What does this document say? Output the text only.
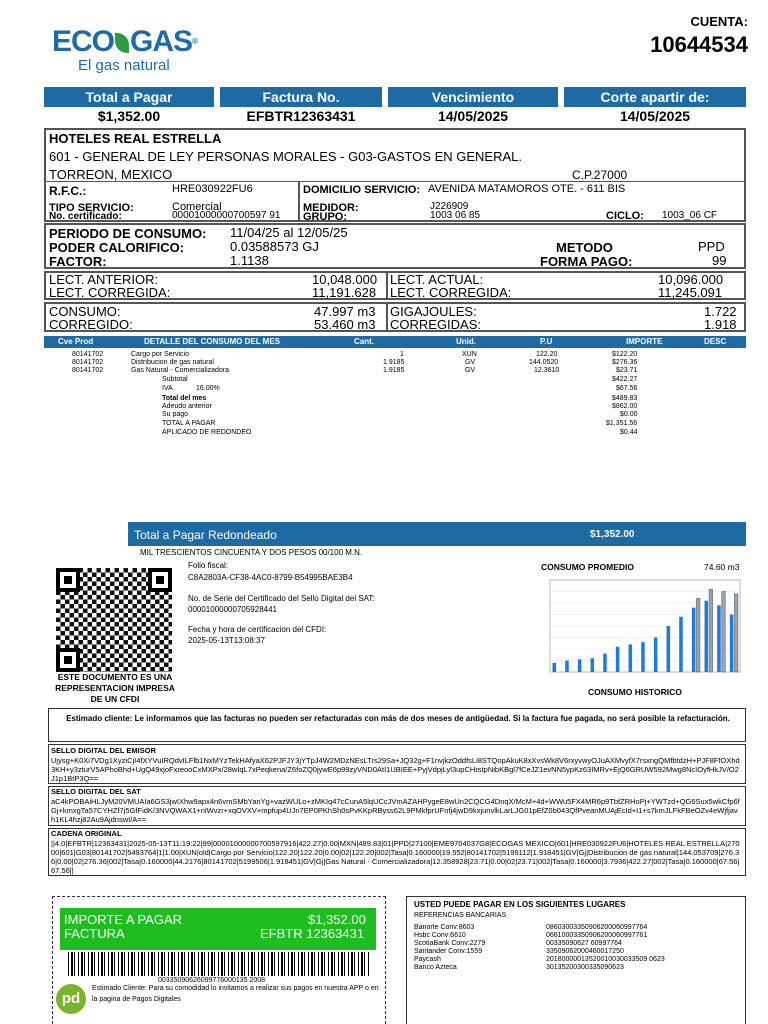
ECO GAS®
El gas natural
CUENTA:
10644534
Total a Pagar	Factura No.	Vencimiento	Corte apartir de:
$1,352.00	EFBTR12363431	14/05/2025	14/05/2025
HOTELES REAL ESTRELLA
601 - GENERAL DE LEY PERSONAS MORALES - G03-GASTOS EN GENERAL.
TORREON, MEXICO	C.P.27000
R.F.C.:	HRE030922FU6	DOMICILIO SERVICIO: AVENIDA MATAMOROS OTE. - 611 BIS
TIPO SERVICIO:	Comercial
No. certificado:	00001000000700597 91
MEDIDOR:	J226909
GRUPO:	1003 06 85	CICLO: 1003_06 CF
PERIODO DE CONSUMO: 11/04/25 al 12/05/25
PODER CALORIFICO:	0.03588573 GJ
FACTOR:	1.1138
METODO	PPD
FORMA PAGO:	99
LECT. ANTERIOR:	10,048.000
LECT. CORREGIDA:	11,191.628
LECT. ACTUAL:	10,096.000
LECT. CORREGIDA:	11,245.091
CONSUMO:	47.997 m3
CORREGIDO:	53.460 m3
GIGAJOULES:	1.722
CORREGIDAS:	1.918
Cve Prod	DETALLE DEL CONSUMO DEL MES	Cant.	Unid.	P.U	IMPORTE	DESC
80141702	Cargo por Servicio	1	XUN	122.20	$122.20
80141702	Distribucion de gas natural	1.9185	GV	144.0520	$276.36
80141702	Gas Natural - Comercializadora	1.9185	GV	12.3610	$23.71
Subtotal	$422.27
IVA	16.00%	$67.56
Total del mes	$489.83
Adeudo anterior	$862.00
Su pago	$0.00
TOTAL A PAGAR	$1,351.56
APLICADO DE REDONDEO	$0.44
Total a Pagar Redondeado	$1,352.00
MIL TRESCIENTOS CINCUENTA Y DOS PESOS 00/100 M.N.
ESTE DOCUMENTO ES UNA REPRESENTACION IMPRESA DE UN CFDI
Folio fiscal:
C8A2803A-CF38-4AC0-8799-B54995BAE3B4
No. de Serie del Certificado del Sello Digital del SAT:
00001000000705928441
Fecha y hora de certificacion del CFDI:
2025-05-13T13:08:37
CONSUMO PROMEDIO	74.60 m3
CONSUMO HISTORICO
Estimado cliente: Le informamos que las facturas no pueden ser refacturadas con más de dos meses de antigüedad. Si la factura fue pagada, no será posible la refacturación.
SELLO DIGITAL DEL EMISOR
Ujysg+K0Xi7VDg1XyziCjI4fXYVuIRQdvILFlb1NxMYzTekHAfyaX62PJFJY3jYTpJ4W2MDzNEsLTrs29Sa+JQ32g+F1nvjkzOddfsLi8STQopAkuK8xXvsWk8V6rxyvwyOJuAXMvyfX7rsxngQMfbtdzH+PJF8FfOXhd3KH+y3zturV5APhoBhd+UgQ49xjoFxreooCxMXPx/28wIqL7xPeqkena/Z6foZQ0jywE6p99zyVND0AtI1UBIEE+PyjVdpjLyl3upCHrstpNibKBgl7fCeJZ1evNN5ypKz63IMRv+EjQ6GRUW592Mwg8NcIOyfHkJV/O2J1p1BtP3Q==
SELLO DIGITAL DEL SAT
aC4kPOBAiHLJyM20VMUAIa6GS3jwIXhw9apx4n6vmSMbYanYg+vazWULo+zMKIq47cCunA5lqUCcJVmAZAHPygeE8wUn2CQCG4DnqX/McM+4d+WWu5FX4MR6p9TbfZRHoPj+YWTzd+QG6Sux5wkCfp6fGj+kmxgTa57CYHZf7j5GfFidK/3NVQWAX1+nlWvzr+xqOVXV+mpfup4UJn7EP0PKhSh0sPvKKpRByss62L9PMkfprUFnfj4jwD9kxjunvlkLarLJG01pEfZ0b043QfPveanMUAjEcId+I1+s7kmJLFkFBeOZv4eWjfjavh1KL4hzj82Au9AjdnswI/A==
CADENA ORIGINAL
||4.0|EFBTR|12363431|2025-05-13T11:19:22|99|00001000000700597916|422.27|0.00|MXN|489.83|01|PPD|27100|EME9704037G8|ECOGAS MEXICO|601|HRE030922FU6|HOTELES REAL ESTRELLA|27000|601|G03|80141702|5493764|1|1.00|XUN|old|Cargo por Servicio|122.20|122.20|0.00|02|122.20|002|Tasa|0.160000|19.552|80141702|5199112|1.918451|GV|Gj|Distribucion de gas natural|144.053709|276.36|0.00|02|276.36|002|Tasa|0.160000|44.2176|80141702|5199506|1.918451|GV|Gj|Gas Natural - Comercializadora|12.358928|23.71|0.00|02|23.71|002|Tasa|0.160000|3.7936|422.27|002|Tasa|0.160000|67.56|67.56||
IMPORTE A PAGAR	$1,352.00
FACTURA	EFBTR 12363431
00335090626099776000135 2008
pd
Estimado Cliente: Para su comodidad lo invitamos a realizar sus pagos en nuestra APP o en la pagina de Pagos Digitales
USTED PUEDE PAGAR EN LOS SIGUIENTES LUGARES
REFERENCIAS BANCARIAS
Banorte Conv:8603	08603003350906200060997764
Hsbc Conv:6610	06610003350906200060997761
ScotiaBank Conv:2279	00335090627 60997764
Santander Conv:1559	33509062000460017250
Paycash	20180000013520010030033509 0623
Banco Azteca	30135200300335090623
